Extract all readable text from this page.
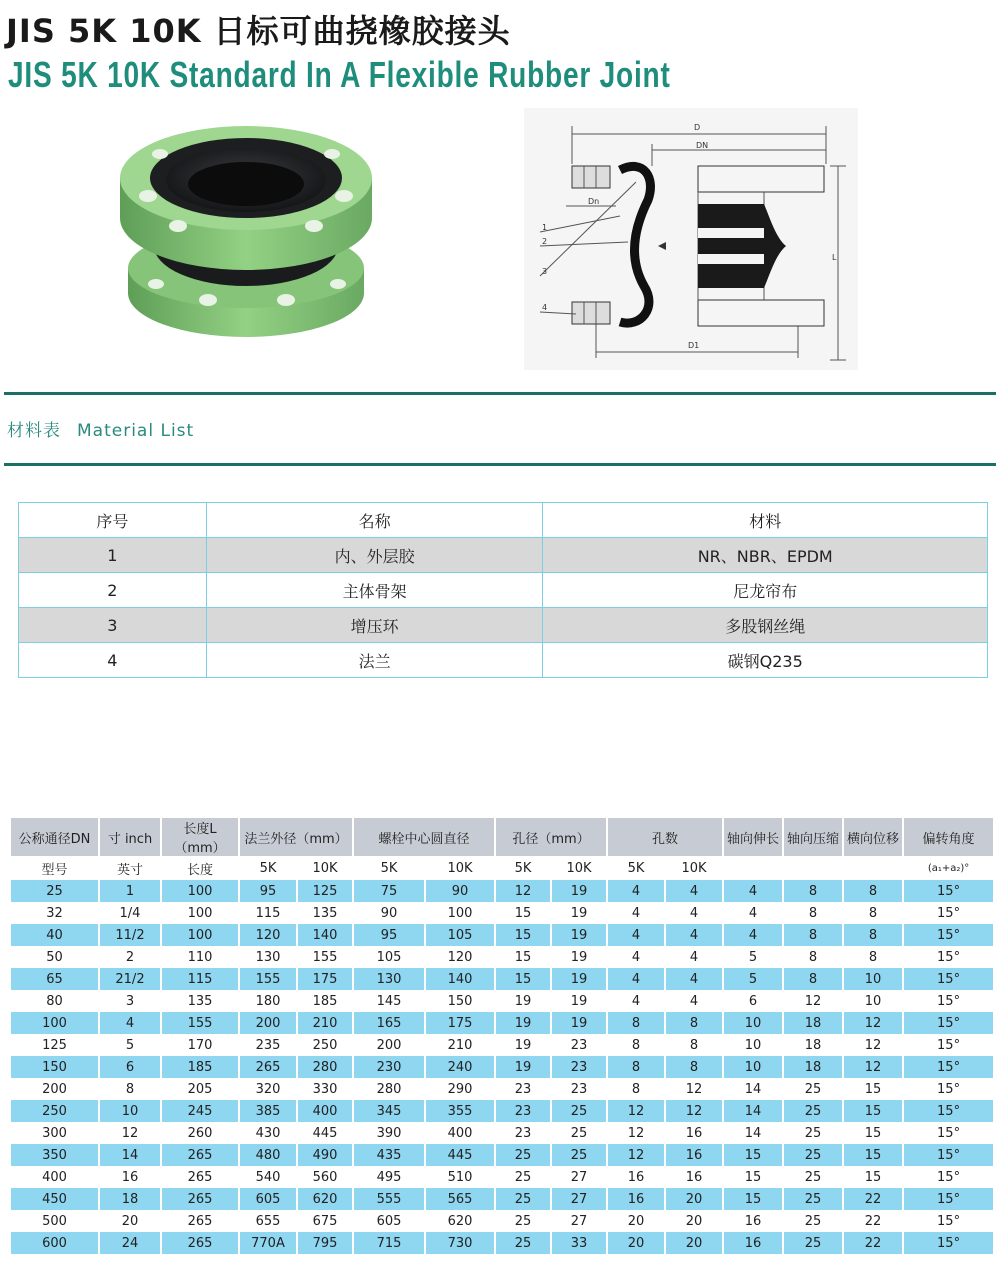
JIS 5K 10K 日标可曲挠橡胶接头
JIS 5K 10K Standard In A Flexible Rubber Joint
D
DN
Dn
L
D1
1
2
3
4
材料表 Material List
序号	名称	材料
1	内、外层胶	NR、NBR、EPDM
2	主体骨架	尼龙帘布
3	增压环	多股钢丝绳
4	法兰	碳钢Q235
公称通径DN	寸 inch	长度L（mm）	法兰外径（mm）		螺栓中心圆直径		孔径（mm）		孔数		轴向伸长	轴向压缩	横向位移	偏转角度
型号	英寸	长度	5K	10K	5K	10K	5K	10K	5K	10K				(a₁+a₂)°
25	1	100	95	125	75	90	12	19	4	4	4	8	8	15°
32	1/4	100	115	135	90	100	15	19	4	4	4	8	8	15°
40	11/2	100	120	140	95	105	15	19	4	4	4	8	8	15°
50	2	110	130	155	105	120	15	19	4	4	5	8	8	15°
65	21/2	115	155	175	130	140	15	19	4	4	5	8	10	15°
80	3	135	180	185	145	150	19	19	4	4	6	12	10	15°
100	4	155	200	210	165	175	19	19	8	8	10	18	12	15°
125	5	170	235	250	200	210	19	23	8	8	10	18	12	15°
150	6	185	265	280	230	240	19	23	8	8	10	18	12	15°
200	8	205	320	330	280	290	23	23	8	12	14	25	15	15°
250	10	245	385	400	345	355	23	25	12	12	14	25	15	15°
300	12	260	430	445	390	400	23	25	12	16	14	25	15	15°
350	14	265	480	490	435	445	25	25	12	16	15	25	15	15°
400	16	265	540	560	495	510	25	27	16	16	15	25	15	15°
450	18	265	605	620	555	565	25	27	16	20	15	25	22	15°
500	20	265	655	675	605	620	25	27	20	20	16	25	22	15°
600	24	265	770A	795	715	730	25	33	20	20	16	25	22	15°
